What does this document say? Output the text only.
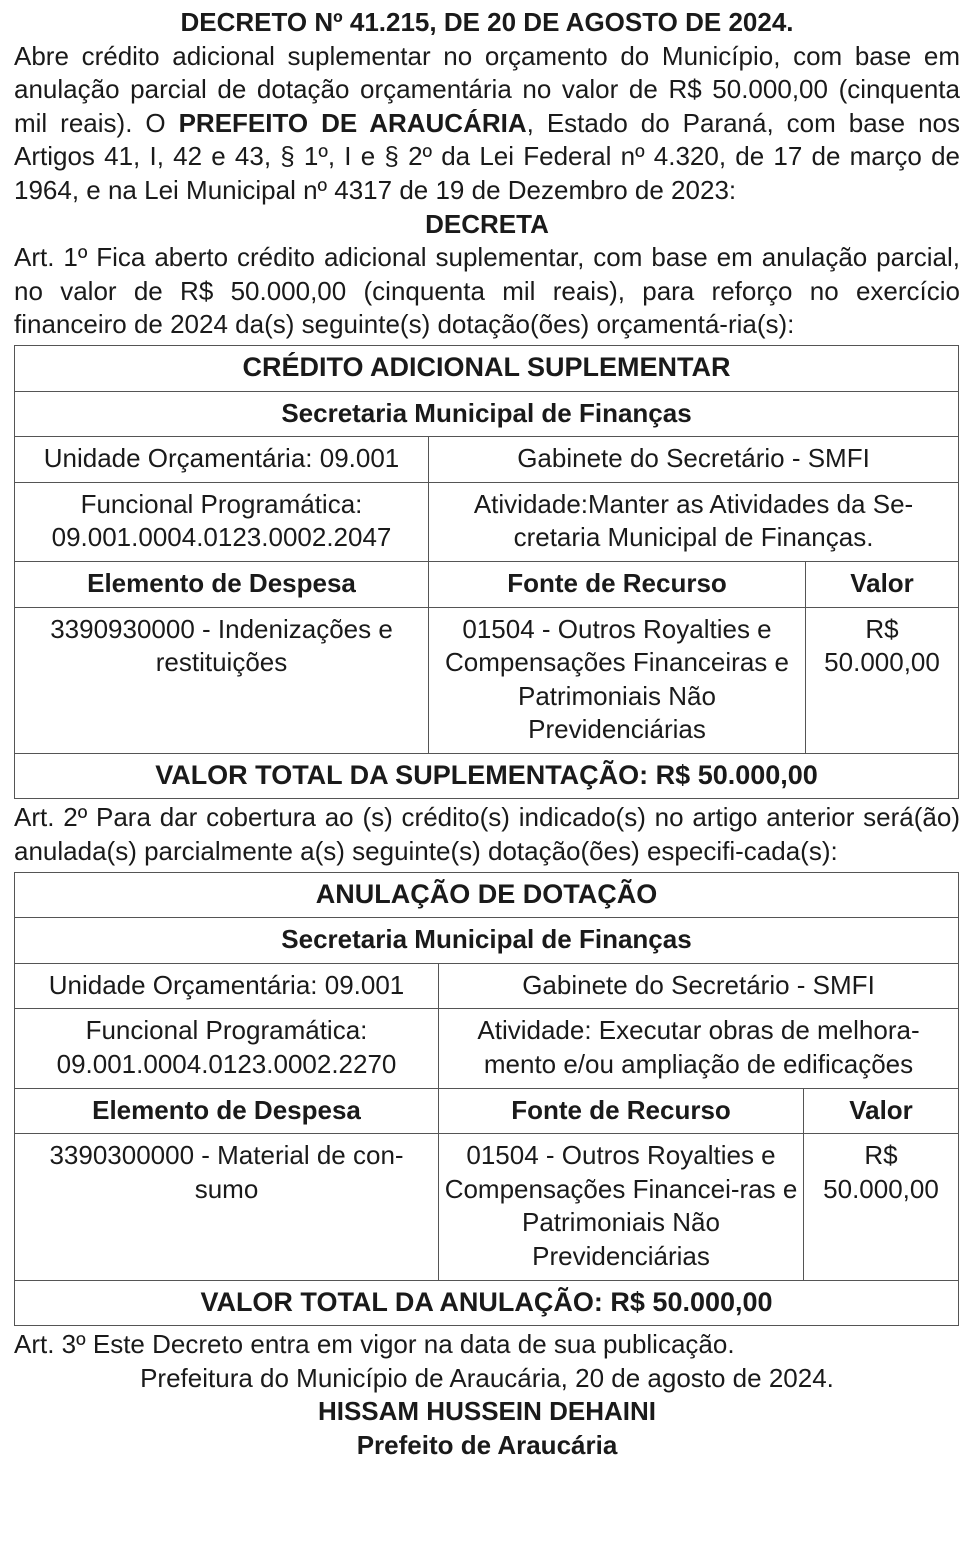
DECRETO Nº 41.215, DE 20 DE AGOSTO DE 2024.

Abre crédito adicional suplementar no orçamento do Município, com base em anulação parcial de dotação orçamentária no valor de R$ 50.000,00 (cinquenta mil reais). O PREFEITO DE ARAUCÁRIA, Estado do Paraná, com base nos Artigos 41, I, 42 e 43, § 1º, I e § 2º da Lei Federal nº 4.320, de 17 de março de 1964, e na Lei Municipal nº 4317 de 19 de Dezembro de 2023:

DECRETA

Art. 1º Fica aberto crédito adicional suplementar, com base em anulação parcial, no valor de R$ 50.000,00 (cinquenta mil reais), para reforço no exercício financeiro de 2024 da(s) seguinte(s) dotação(ões) orçamentá-ria(s):

CRÉDITO ADICIONAL SUPLEMENTAR		
Secretaria Municipal de Finanças		
Unidade Orçamentária: 09.001	Gabinete do Secretário - SMFI	

Funcional Programática:
09.001.0004.0123.0002.2047	Atividade:Manter as Atividades da Se-cretaria Municipal de Finanças.	
Elemento de Despesa	Fonte de Recurso	Valor
3390930000 - Indenizações e restituições	01504 - Outros Royalties e Compensações Financeiras e Patrimoniais Não Previdenciárias	R$
50.000,00

VALOR TOTAL DA SUPLEMENTAÇÃO: R$ 50.000,00		

Art. 2º Para dar cobertura ao (s) crédito(s) indicado(s) no artigo anterior será(ão) anulada(s) parcialmente a(s) seguinte(s) dotação(ões) especifi-cada(s):

ANULAÇÃO DE DOTAÇÃO		
Secretaria Municipal de Finanças		
Unidade Orçamentária: 09.001	Gabinete do Secretário - SMFI	

Funcional Programática:
09.001.0004.0123.0002.2270	Atividade: Executar obras de melhora-mento e/ou ampliação de edificações	
Elemento de Despesa	Fonte de Recurso	Valor
3390300000 - Material de con-sumo	01504 - Outros Royalties e Compensações Financei-ras e Patrimoniais Não Previdenciárias	R$
50.000,00

VALOR TOTAL DA ANULAÇÃO: R$ 50.000,00		

Art. 3º Este Decreto entra em vigor na data de sua publicação.

Prefeitura do Município de Araucária, 20 de agosto de 2024.

HISSAM HUSSEIN DEHAINI

Prefeito de Araucária
